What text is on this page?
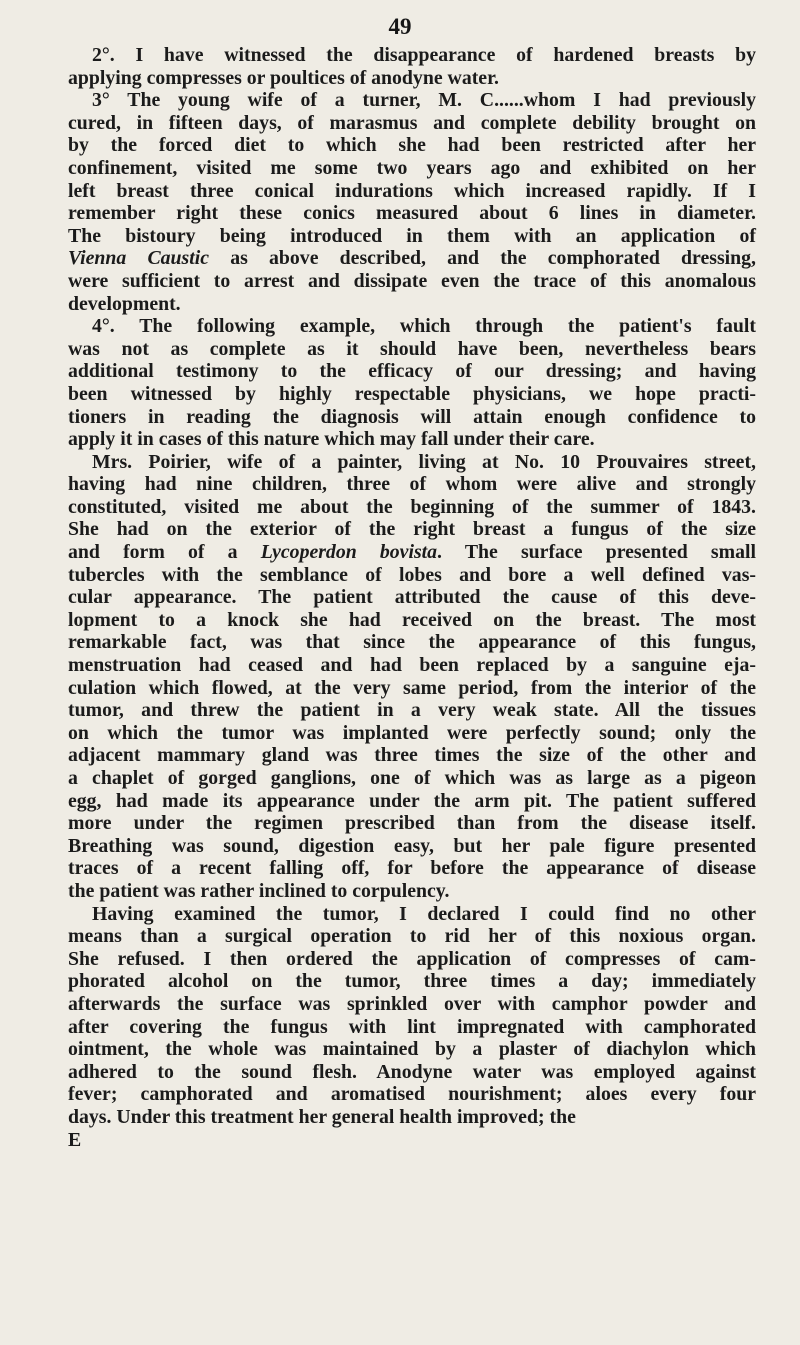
49
2°. I have witnessed the disappearance of hardened breasts by
applying compresses or poultices of anodyne water.
3° The young wife of a turner, M. C......whom I had previously
cured, in fifteen days, of marasmus and complete debility brought on
by the forced diet to which she had been restricted after her
confinement, visited me some two years ago and exhibited on her
left breast three conical indurations which increased rapidly. If I
remember right these conics measured about 6 lines in diameter.
The bistoury being introduced in them with an application of
Vienna Caustic as above described, and the comphorated dressing,
were sufficient to arrest and dissipate even the trace of this anomalous
development.
4°. The following example, which through the patient's fault
was not as complete as it should have been, nevertheless bears
additional testimony to the efficacy of our dressing; and having
been witnessed by highly respectable physicians, we hope practi-
tioners in reading the diagnosis will attain enough confidence to
apply it in cases of this nature which may fall under their care.
Mrs. Poirier, wife of a painter, living at No. 10 Prouvaires street,
having had nine children, three of whom were alive and strongly
constituted, visited me about the beginning of the summer of 1843.
She had on the exterior of the right breast a fungus of the size
and form of a Lycoperdon bovista. The surface presented small
tubercles with the semblance of lobes and bore a well defined vas-
cular appearance. The patient attributed the cause of this deve-
lopment to a knock she had received on the breast. The most
remarkable fact, was that since the appearance of this fungus,
menstruation had ceased and had been replaced by a sanguine eja-
culation which flowed, at the very same period, from the interior of the
tumor, and threw the patient in a very weak state. All the tissues
on which the tumor was implanted were perfectly sound; only the
adjacent mammary gland was three times the size of the other and
a chaplet of gorged ganglions, one of which was as large as a pigeon
egg, had made its appearance under the arm pit. The patient suffered
more under the regimen prescribed than from the disease itself.
Breathing was sound, digestion easy, but her pale figure presented
traces of a recent falling off, for before the appearance of disease
the patient was rather inclined to corpulency.
Having examined the tumor, I declared I could find no other
means than a surgical operation to rid her of this noxious organ.
She refused. I then ordered the application of compresses of cam-
phorated alcohol on the tumor, three times a day; immediately
afterwards the surface was sprinkled over with camphor powder and
after covering the fungus with lint impregnated with camphorated
ointment, the whole was maintained by a plaster of diachylon which
adhered to the sound flesh. Anodyne water was employed against
fever; camphorated and aromatised nourishment; aloes every four
days. Under this treatment her general health improved; the
E
